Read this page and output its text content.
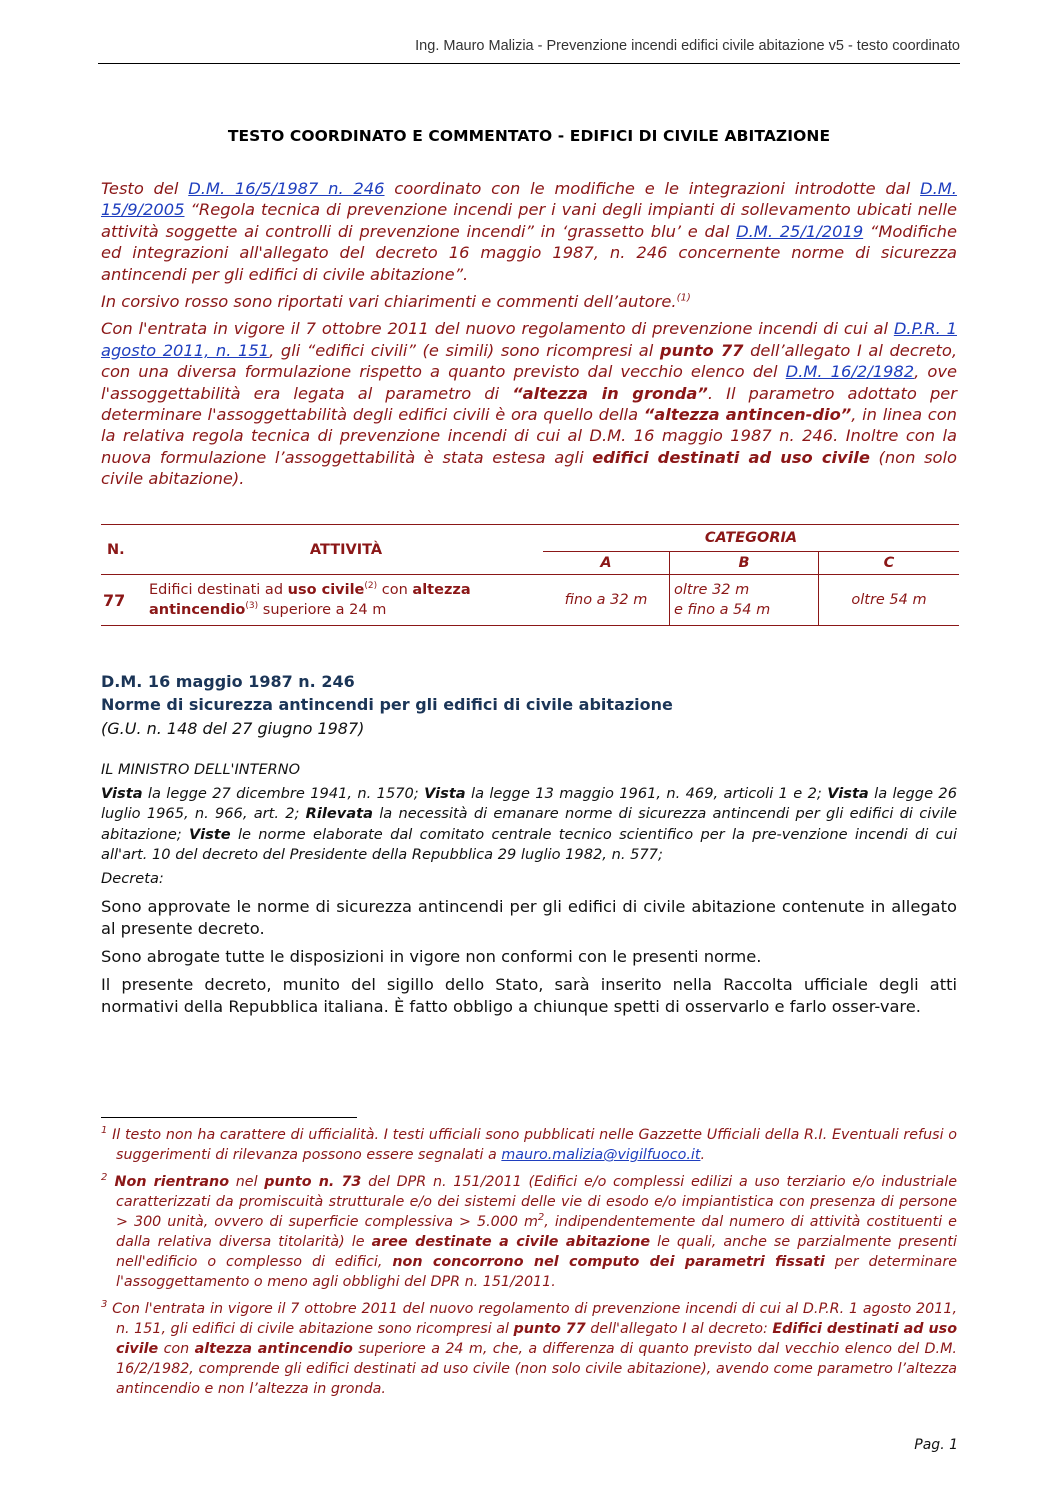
Ing. Mauro Malizia - Prevenzione incendi edifici civile abitazione v5 - testo coordinato
TESTO COORDINATO E COMMENTATO - EDIFICI DI CIVILE ABITAZIONE

Testo del D.M. 16/5/1987 n. 246 coordinato con le modifiche e le integrazioni introdotte dal D.M. 15/9/2005 “Regola tecnica di prevenzione incendi per i vani degli impianti di sollevamento ubicati nelle attività soggette ai controlli di prevenzione incendi” in ‘grassetto blu’ e dal D.M. 25/1/2019 “Modifiche ed integrazioni all'allegato del decreto 16 maggio 1987, n. 246 concernente norme di sicurezza antincendi per gli edifici di civile abitazione”.

In corsivo rosso sono riportati vari chiarimenti e commenti dell’autore.$^{(1)}$

Con l'entrata in vigore il 7 ottobre 2011 del nuovo regolamento di prevenzione incendi di cui al D.P.R. 1 agosto 2011, n. 151, gli “edifici civili” (e simili) sono ricompresi al punto 77 dell’allegato I al decreto, con una diversa formulazione rispetto a quanto previsto dal vecchio elenco del D.M. 16/2/1982, ove l'assoggettabilità era legata al parametro di “altezza in gronda”. Il parametro adottato per determinare l'assoggettabilità degli edifici civili è ora quello della “altezza antincen-dio”, in linea con la relativa regola tecnica di prevenzione incendi di cui al D.M. 16 maggio 1987 n. 246. Inoltre con la nuova formulazione l’assoggettabilità è stata estesa agli edifici destinati ad uso civile (non solo civile abitazione).

N.	ATTIVITÀ	CATEGORIA		
		A	B	C
77	Edifici destinati ad uso civile$^{(2)}$ con altezza antincendio$^{(3)}$ superiore a 24 m	fino a 32 m	oltre 32 m
e fino a 54 m	oltre 54 m
D.M. 16 maggio 1987 n. 246
Norme di sicurezza antincendi per gli edifici di civile abitazione
(G.U. n. 148 del 27 giugno 1987)
IL MINISTRO DELL'INTERNO

Vista la legge 27 dicembre 1941, n. 1570; Vista la legge 13 maggio 1961, n. 469, articoli 1 e 2; Vista la legge 26 luglio 1965, n. 966, art. 2; Rilevata la necessità di emanare norme di sicurezza antincendi per gli edifici di civile abitazione; Viste le norme elaborate dal comitato centrale tecnico scientifico per la pre-venzione incendi di cui all'art. 10 del decreto del Presidente della Repubblica 29 luglio 1982, n. 577;

Decreta:

Sono approvate le norme di sicurezza antincendi per gli edifici di civile abitazione contenute in allegato al presente decreto.

Sono abrogate tutte le disposizioni in vigore non conformi con le presenti norme.

Il presente decreto, munito del sigillo dello Stato, sarà inserito nella Raccolta ufficiale degli atti normativi della Repubblica italiana. È fatto obbligo a chiunque spetti di osservarlo e farlo osser-vare.

$^1$ Il testo non ha carattere di ufficialità. I testi ufficiali sono pubblicati nelle Gazzette Ufficiali della R.I. Eventuali refusi o suggerimenti di rilevanza possono essere segnalati a mauro.malizia@vigilfuoco.it.

$^2$ Non rientrano nel punto n. 73 del DPR n. 151/2011 (Edifici e/o complessi edilizi a uso terziario e/o industriale caratterizzati da promiscuità strutturale e/o dei sistemi delle vie di esodo e/o impiantistica con presenza di persone > 300 unità, ovvero di superficie complessiva > 5.000 $m^2$, indipendentemente dal numero di attività costituenti e dalla relativa diversa titolarità) le aree destinate a civile abitazione le quali, anche se parzialmente presenti nell'edificio o complesso di edifici, non concorrono nel computo dei parametri fissati per determinare l'assoggettamento o meno agli obblighi del DPR n. 151/2011.

$^3$ Con l'entrata in vigore il 7 ottobre 2011 del nuovo regolamento di prevenzione incendi di cui al D.P.R. 1 agosto 2011, n. 151, gli edifici di civile abitazione sono ricompresi al punto 77 dell'allegato I al decreto: Edifici destinati ad uso civile con altezza antincendio superiore a 24 m, che, a differenza di quanto previsto dal vecchio elenco del D.M. 16/2/1982, comprende gli edifici destinati ad uso civile (non solo civile abitazione), avendo come parametro l’altezza antincendio e non l’altezza in gronda.

Pag. 1
